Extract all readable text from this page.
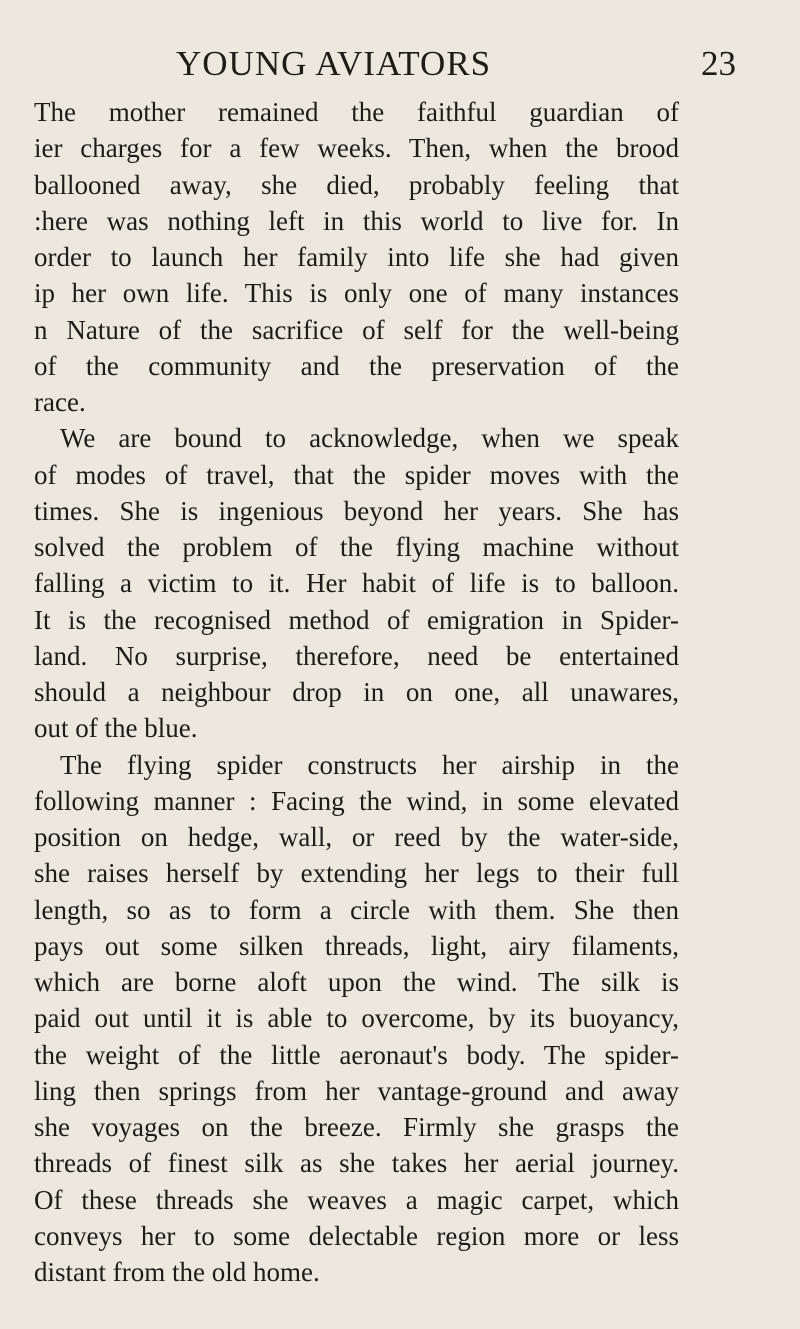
YOUNG AVIATORS	23
The mother remained the faithful guardian of
ier charges for a few weeks. Then, when the brood
ballooned away, she died, probably feeling that
:here was nothing left in this world to live for. In
order to launch her family into life she had given
ip her own life. This is only one of many instances
n Nature of the sacrifice of self for the well-being
of the community and the preservation of the
race.
We are bound to acknowledge, when we speak
of modes of travel, that the spider moves with the
times. She is ingenious beyond her years. She has
solved the problem of the flying machine without
falling a victim to it. Her habit of life is to balloon.
It is the recognised method of emigration in Spider-
land. No surprise, therefore, need be entertained
should a neighbour drop in on one, all unawares,
out of the blue.
The flying spider constructs her airship in the
following manner : Facing the wind, in some elevated
position on hedge, wall, or reed by the water-side,
she raises herself by extending her legs to their full
length, so as to form a circle with them. She then
pays out some silken threads, light, airy filaments,
which are borne aloft upon the wind. The silk is
paid out until it is able to overcome, by its buoyancy,
the weight of the little aeronaut's body. The spider-
ling then springs from her vantage-ground and away
she voyages on the breeze. Firmly she grasps the
threads of finest silk as she takes her aerial journey.
Of these threads she weaves a magic carpet, which
conveys her to some delectable region more or less
distant from the old home.
